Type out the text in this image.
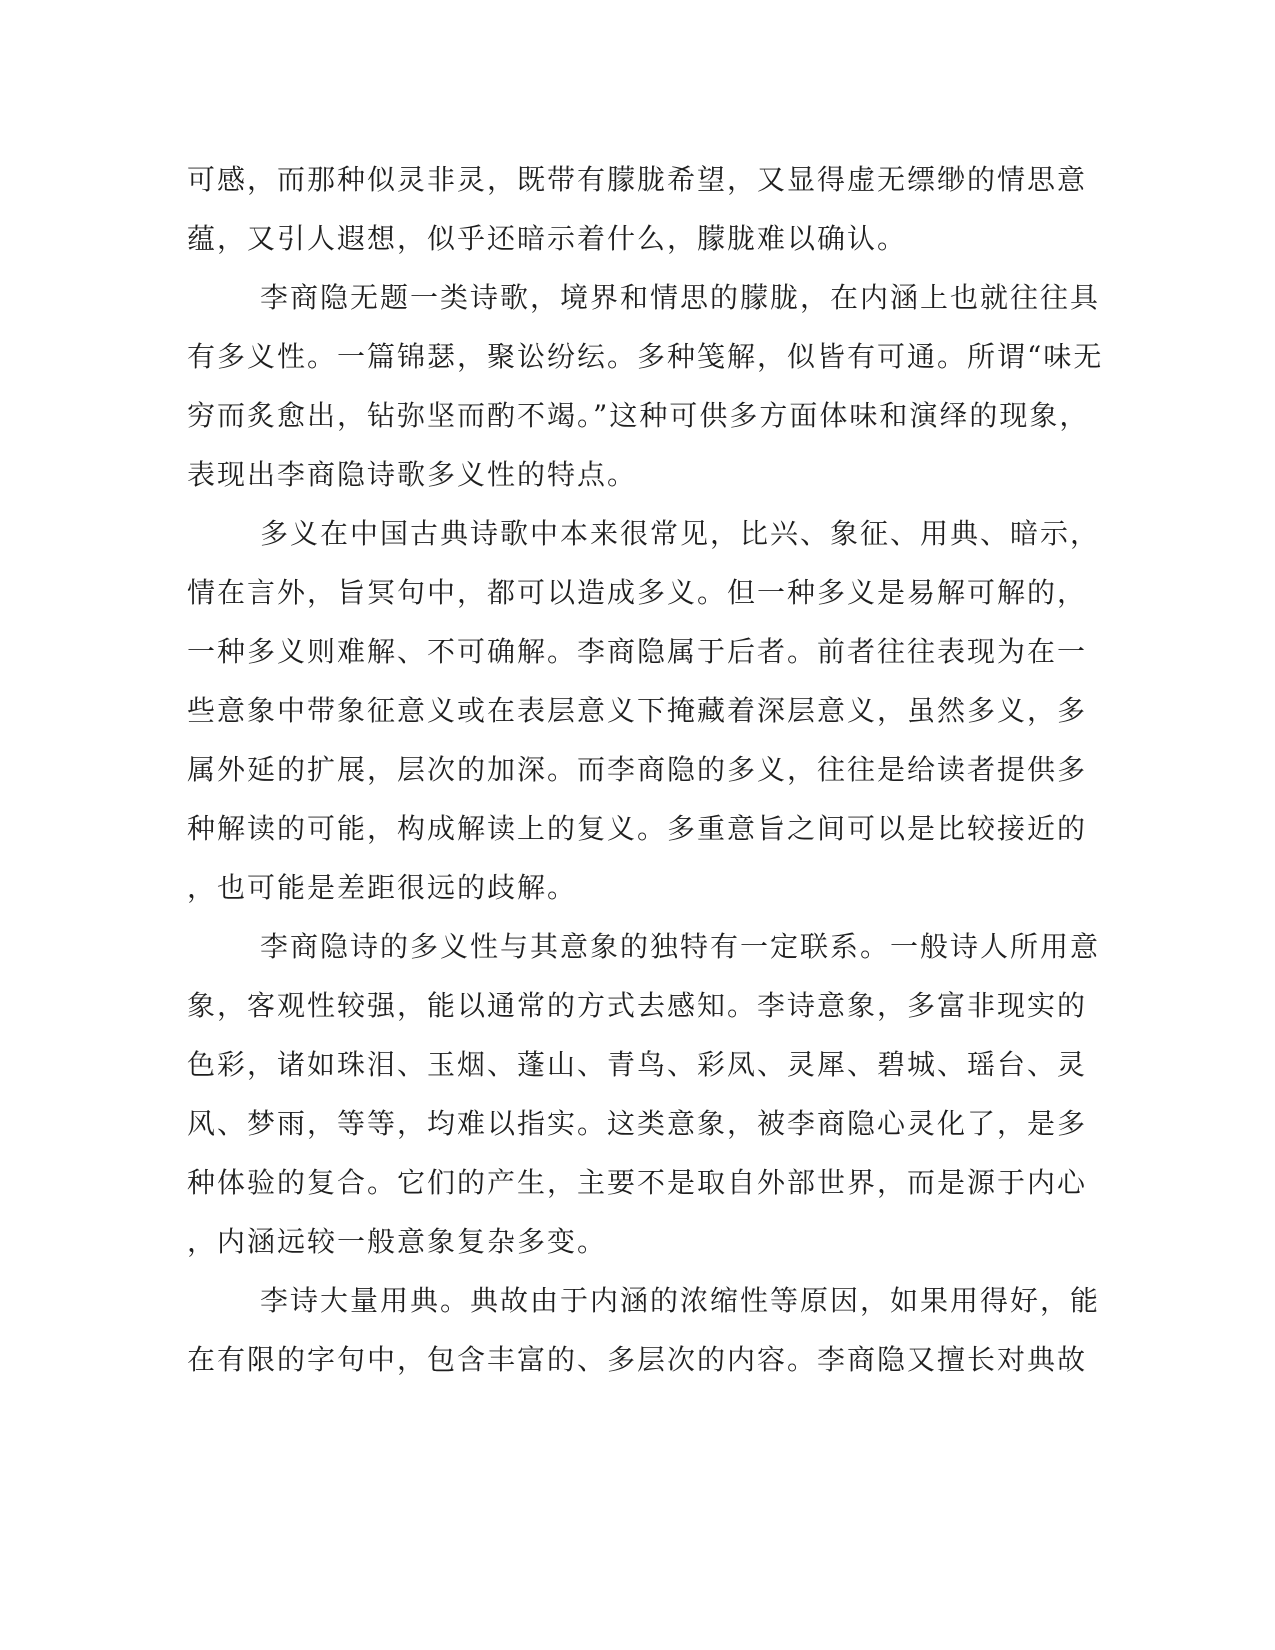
可感，而那种似灵非灵，既带有朦胧希望，又显得虚无缥缈的情思意
蕴，又引人遐想，似乎还暗示着什么，朦胧难以确认。
李商隐无题一类诗歌，境界和情思的朦胧，在内涵上也就往往具
有多义性。一篇锦瑟，聚讼纷纭。多种笺解，似皆有可通。所谓“味无
穷而炙愈出，钻弥坚而酌不竭。”这种可供多方面体味和演绎的现象，
表现出李商隐诗歌多义性的特点。
多义在中国古典诗歌中本来很常见，比兴、象征、用典、暗示，
情在言外，旨冥句中，都可以造成多义。但一种多义是易解可解的，
一种多义则难解、不可确解。李商隐属于后者。前者往往表现为在一
些意象中带象征意义或在表层意义下掩藏着深层意义，虽然多义，多
属外延的扩展，层次的加深。而李商隐的多义，往往是给读者提供多
种解读的可能，构成解读上的复义。多重意旨之间可以是比较接近的
，也可能是差距很远的歧解。
李商隐诗的多义性与其意象的独特有一定联系。一般诗人所用意
象，客观性较强，能以通常的方式去感知。李诗意象，多富非现实的
色彩，诸如珠泪、玉烟、蓬山、青鸟、彩凤、灵犀、碧城、瑶台、灵
风、梦雨，等等，均难以指实。这类意象，被李商隐心灵化了，是多
种体验的复合。它们的产生，主要不是取自外部世界，而是源于内心
，内涵远较一般意象复杂多变。
李诗大量用典。典故由于内涵的浓缩性等原因，如果用得好，能
在有限的字句中，包含丰富的、多层次的内容。李商隐又擅长对典故
